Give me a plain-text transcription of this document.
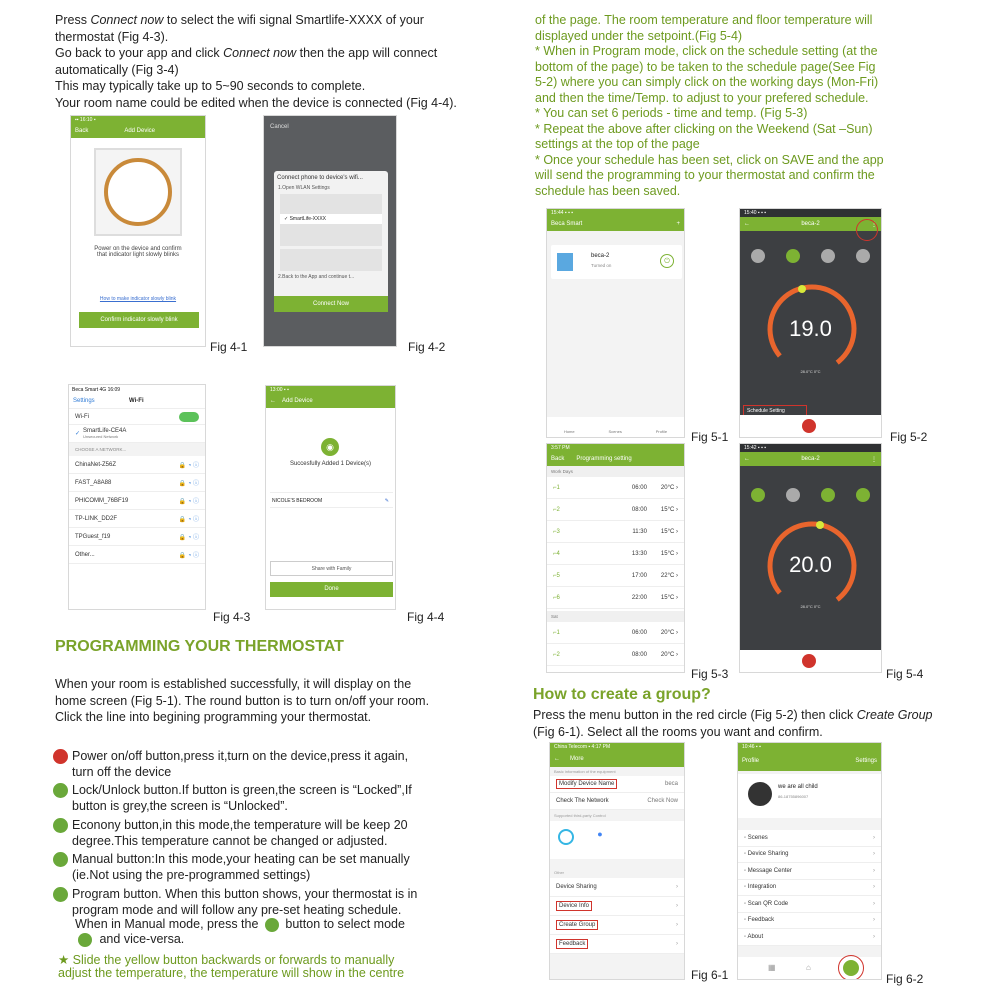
Press Connect now to select the wifi signal Smartlife-XXXX of your
thermostat (Fig 4-3).
Go back to your app and click Connect now then the app will connect
automatically (Fig 3-4)
This may typically take up to 5~90 seconds to complete.
Your room name could be edited when the device is connected (Fig 4-4).
▪▪ 16:10 ▪
Back	Add Device
Power on the device and confirm
that indicator light slowly blinks
How to make indicator slowly blink
Confirm indicator slowly blink
Fig 4-1
Cancel
Connect phone to device's wifi...
1.Open WLAN Settings
✓ SmartLife-XXXX
2.Back to the App and continue t...
Connect Now
Fig 4-2
Beca Smart 4G 16:09
Settings	Wi-Fi
Wi-Fi
✓
SmartLife-CE4A
Unsecured Network
CHOOSE A NETWORK...
ChinaNet-Z56Z	🔒 ◔ ⓘ
FAST_A8A88	🔒 ◔ ⓘ
PHICOMM_76BF19	🔒 ◔ ⓘ
TP-LINK_DD2F	🔒 ◔ ⓘ
TPGuest_f19	🔒 ◔ ⓘ
Other...	🔒 ◔ ⓘ
Fig 4-3
13:00 ▪ ▪
← Add Device
◉
Succesfully Added 1 Device(s)
NICOLE'S BEDROOM	✎
Share with Family
Done
Fig 4-4
PROGRAMMING YOUR THERMOSTAT
When your room is established successfully, it will display on the
home screen (Fig 5-1). The round button is to turn on/off your room.
Click the line into begining programming your thermostat.
Power on/off button,press it,turn on the device,press it again,
turn off the device
Lock/Unlock button.If button is green,the screen is “Locked”,If
button is grey,the screen is “Unlocked”.
Econony button,in this mode,the temperature will be keep 20
degree.This temperature cannot be changed or adjusted.
Manual button:In this mode,your heating can be set manually
(ie.Not using the pre-programmed settings)
Program button. When this button shows, your thermostat is in
program mode and will follow any pre-set heating schedule.
When in Manual mode, press the button to select mode
and vice-versa.
★ Slide the yellow button backwards or forwards to manually
adjust the temperature, the temperature will show in the centre
of the page. The room temperature and floor temperature will
displayed under the setpoint.(Fig 5-4)
* When in Program mode, click on the schedule setting (at the
bottom of the page) to be taken to the schedule page(See Fig
5-2) where you can simply click on the working days (Mon-Fri)
and then the time/Temp. to adjust to your prefered schedule.
* You can set 6 periods - time and temp. (Fig 5-3)
* Repeat the above after clicking on the Weekend (Sat –Sun)
settings at the top of the page
* Once your schedule has been set, click on SAVE and the app
will send the programming to your thermostat and confirm the
schedule has been saved.
15:44 ▪ ▪ ▪
Beca Smart	+
beca-2
Turned on
⏻
Home	Scenes	Profile Fig 5-1
15:40 ▪ ▪ ▪
←	beca-2	⋮
19.0
28.0°C 0°C
Schedule Setting
Fig 5-2
3:57 PM
Back Programming setting
Work Days
⌐1	06:00 20°C ›
⌐2	08:00 15°C ›
⌐3	11:30 15°C ›
⌐4	13:30 15°C ›
⌐5	17:00 22°C ›
⌐6	22:00 15°C ›
Sat
⌐1	06:00 20°C ›
⌐2	08:00 20°C ›
Fig 5-3
15:42 ▪ ▪ ▪
←	beca-2	⋮
20.0
28.0°C 0°C
Fig 5-4
How to create a group?
Press the menu button in the red circle (Fig 5-2) then click Create Group
(Fig 6-1). Select all the rooms you want and confirm.
China Telecom ▪ 4:17 PM
← More
Basic information of the equipment
Modify Device Name	beca
Check The Network	Check Now
Supported third-party Control
●
Other
Device Sharing	›
Device Info	›
Create Group	›
Feedback	›
Fig 6-1
10:46 ▪ ▪
Profile	Settings
we are all child
86-18755896007
◦ Scenes	›
◦ Device Sharing	›
◦ Message Center	›
◦ Integration	›
◦ Scan QR Code	›
◦ Feedback	›
◦ About	›
▦	⌂
Fig 6-2
